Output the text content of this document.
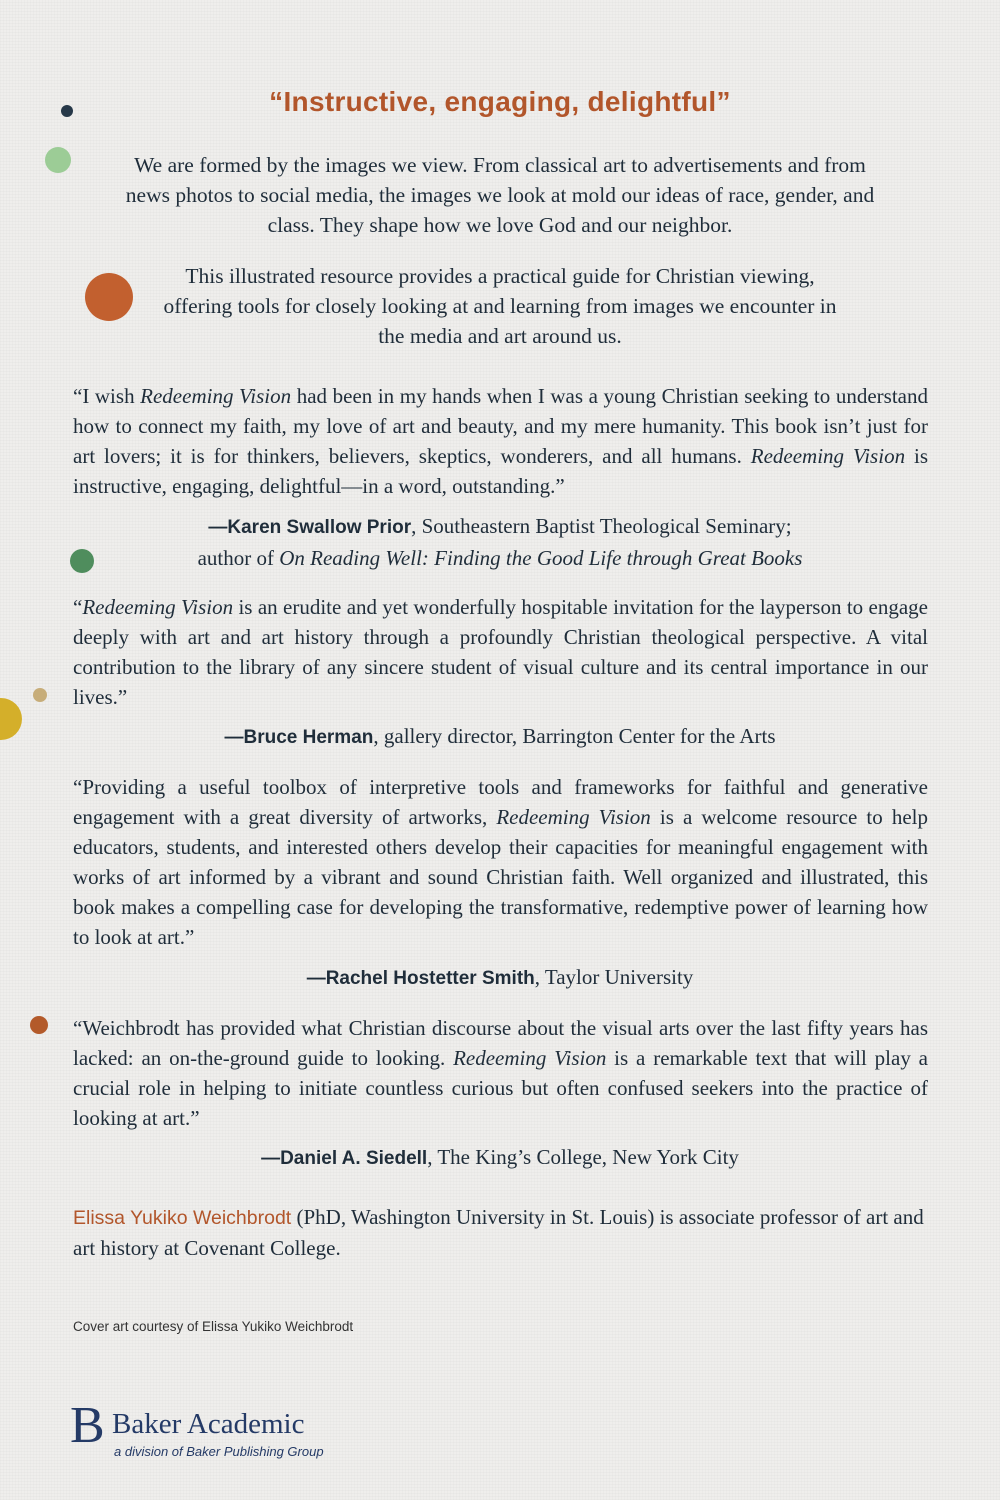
“Instructive, engaging, delightful”

We are formed by the images we view. From classical art to advertisements and from news photos to social media, the images we look at mold our ideas of race, gender, and class. They shape how we love God and our neighbor.

This illustrated resource provides a practical guide for Christian viewing, offering tools for closely looking at and learning from images we encounter in the media and art around us.

“I wish Redeeming Vision had been in my hands when I was a young Christian seeking to understand how to connect my faith, my love of art and beauty, and my mere humanity. This book isn’t just for art lovers; it is for thinkers, believers, skeptics, wonderers, and all humans. Redeeming Vision is instructive, engaging, delightful—in a word, outstanding.”

—Karen Swallow Prior, Southeastern Baptist Theological Seminary;
author of On Reading Well: Finding the Good Life through Great Books

“Redeeming Vision is an erudite and yet wonderfully hospitable invitation for the layperson to engage deeply with art and art history through a profoundly Christian theological perspective. A vital contribution to the library of any sincere student of visual culture and its central importance in our lives.”

—Bruce Herman, gallery director, Barrington Center for the Arts

“Providing a useful toolbox of interpretive tools and frameworks for faithful and generative engagement with a great diversity of artworks, Redeeming Vision is a welcome resource to help educators, students, and interested others develop their capacities for meaningful engagement with works of art informed by a vibrant and sound Christian faith. Well organized and illustrated, this book makes a compelling case for developing the transformative, redemptive power of learning how to look at art.”

—Rachel Hostetter Smith, Taylor University

“Weichbrodt has provided what Christian discourse about the visual arts over the last fifty years has lacked: an on-the-ground guide to looking. Redeeming Vision is a remarkable text that will play a crucial role in helping to initiate countless curious but often confused seekers into the practice of looking at art.”

—Daniel A. Siedell, The King’s College, New York City

Elissa Yukiko Weichbrodt (PhD, Washington University in St. Louis) is associate professor of art and art history at Covenant College.

Cover art courtesy of Elissa Yukiko Weichbrodt

B Baker Academic
a division of Baker Publishing Group
